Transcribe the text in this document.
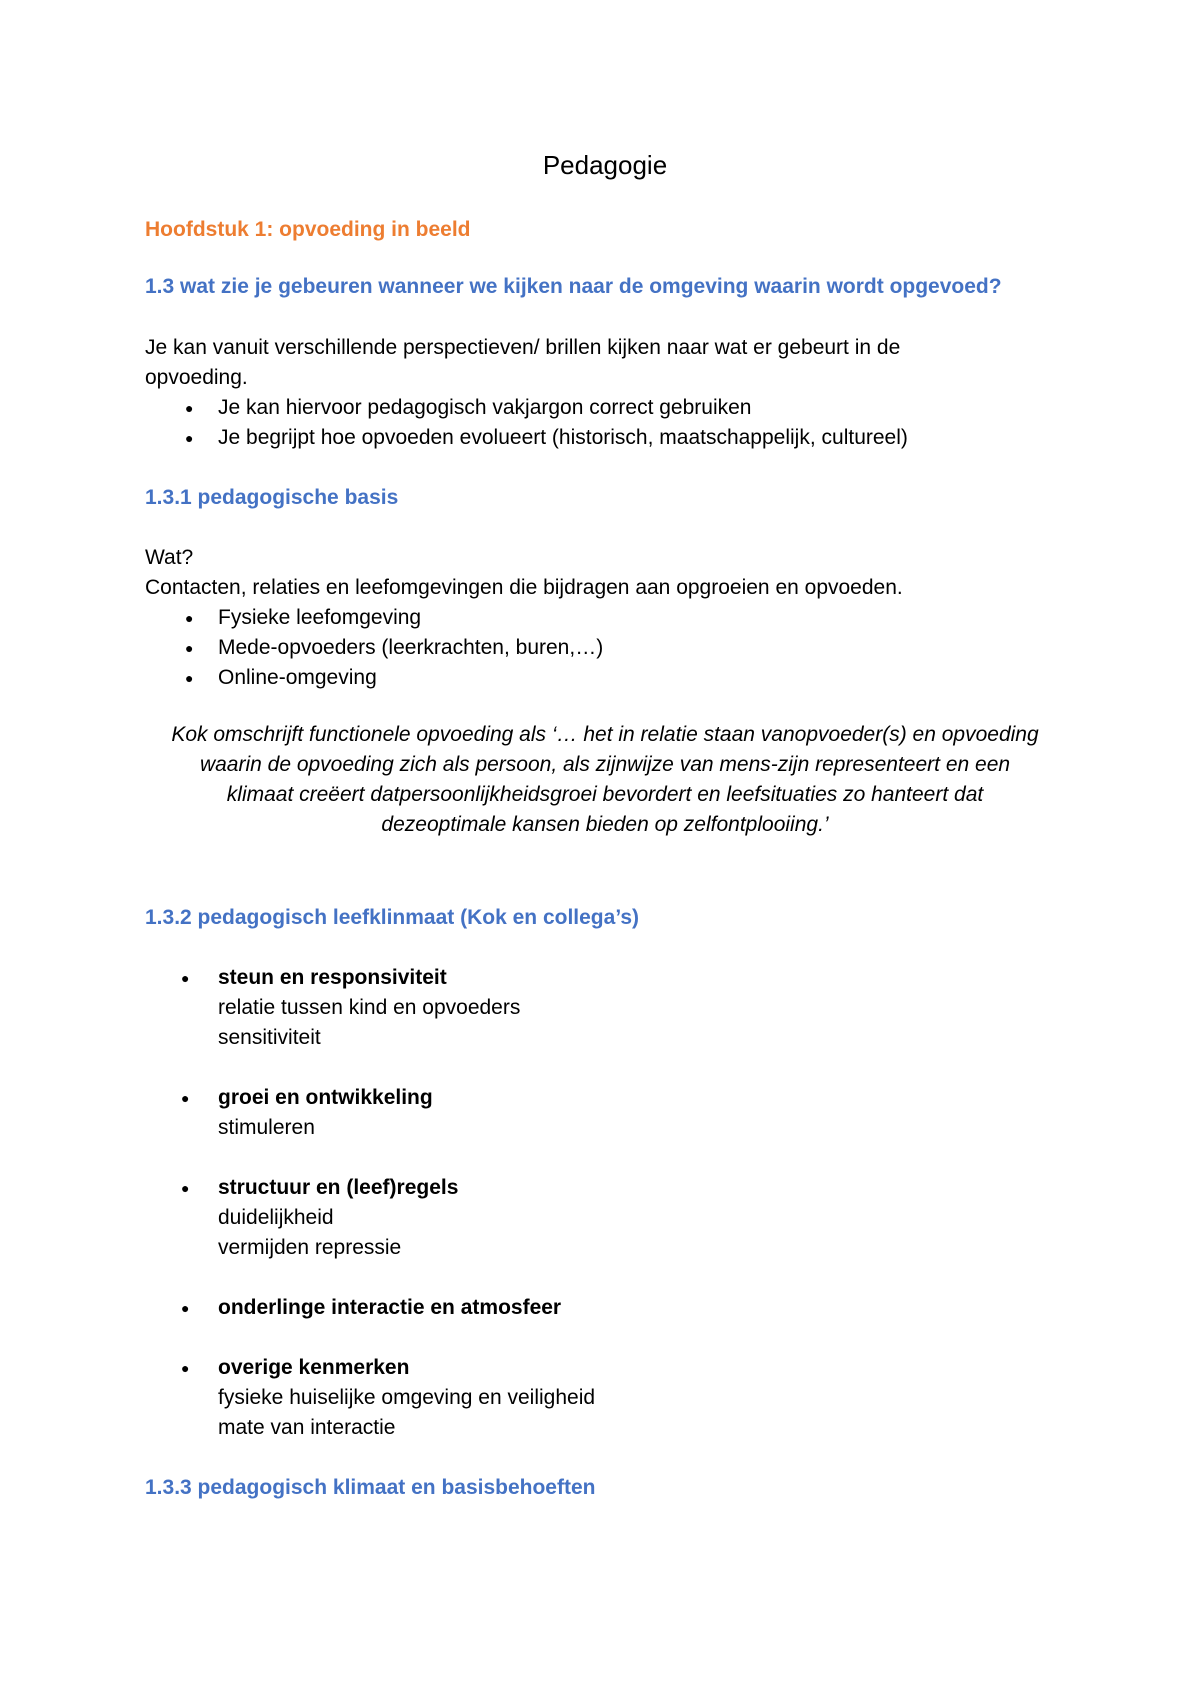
Pedagogie
Hoofdstuk 1: opvoeding in beeld
1.3 wat zie je gebeuren wanneer we kijken naar de omgeving waarin wordt opgevoed?
Je kan vanuit verschillende perspectieven/ brillen kijken naar wat er gebeurt in de
opvoeding.
● Je kan hiervoor pedagogisch vakjargon correct gebruiken
● Je begrijpt hoe opvoeden evolueert (historisch, maatschappelijk, cultureel)
1.3.1 pedagogische basis
Wat?
Contacten, relaties en leefomgevingen die bijdragen aan opgroeien en opvoeden.
● Fysieke leefomgeving
● Mede-opvoeders (leerkrachten, buren,…)
● Online-omgeving
Kok omschrijft functionele opvoeding als ‘… het in relatie staan vanopvoeder(s) en opvoeding
waarin de opvoeding zich als persoon, als zijnwijze van mens-zijn representeert en een
klimaat creëert datpersoonlijkheidsgroei bevordert en leefsituaties zo hanteert dat
dezeoptimale kansen bieden op zelfontplooiing.’
1.3.2 pedagogisch leefklinmaat (Kok en collega’s)
● steun en responsiviteit
relatie tussen kind en opvoeders
sensitiviteit
● groei en ontwikkeling
stimuleren
● structuur en (leef)regels
duidelijkheid
vermijden repressie
● onderlinge interactie en atmosfeer
● overige kenmerken
fysieke huiselijke omgeving en veiligheid
mate van interactie
1.3.3 pedagogisch klimaat en basisbehoeften
